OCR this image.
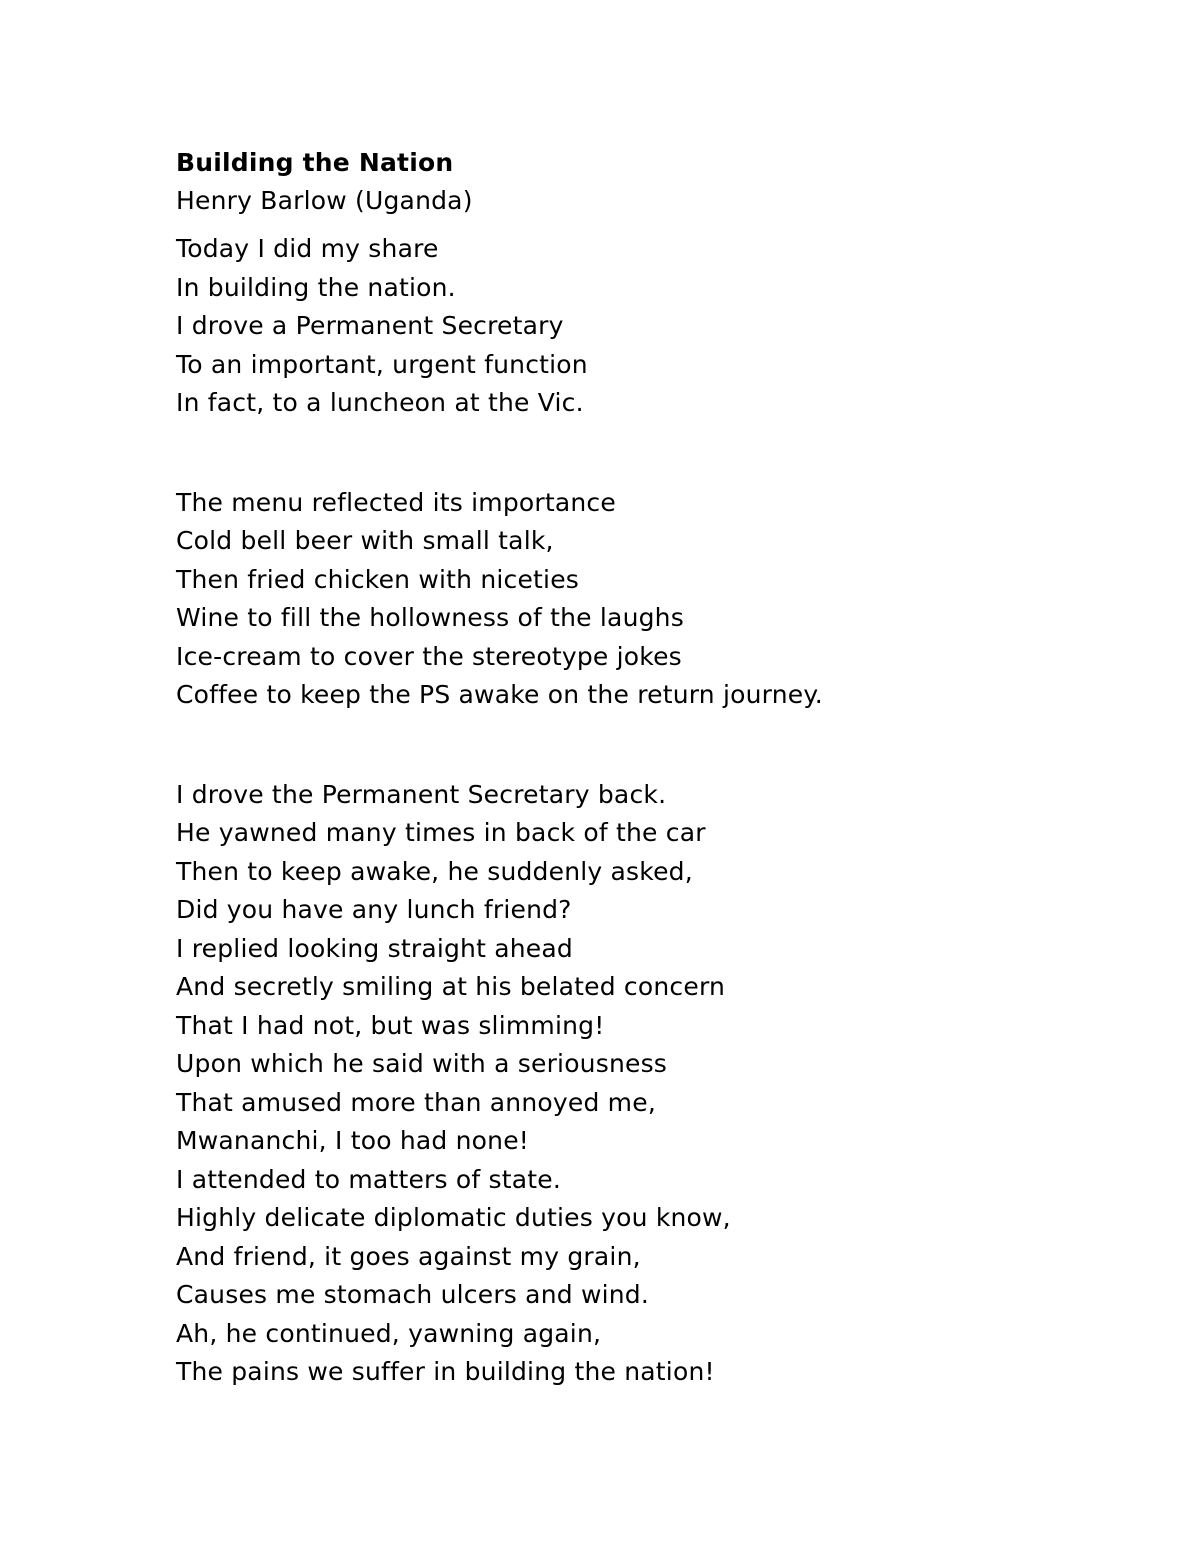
Building the Nation
Henry Barlow (Uganda)
Today I did my share
In building the nation.
I drove a Permanent Secretary
To an important, urgent function
In fact, to a luncheon at the Vic.
The menu reflected its importance
Cold bell beer with small talk,
Then fried chicken with niceties
Wine to fill the hollowness of the laughs
Ice-cream to cover the stereotype jokes
Coffee to keep the PS awake on the return journey.
I drove the Permanent Secretary back.
He yawned many times in back of the car
Then to keep awake, he suddenly asked,
Did you have any lunch friend?
I replied looking straight ahead
And secretly smiling at his belated concern
That I had not, but was slimming!
Upon which he said with a seriousness
That amused more than annoyed me,
Mwananchi, I too had none!
I attended to matters of state.
Highly delicate diplomatic duties you know,
And friend, it goes against my grain,
Causes me stomach ulcers and wind.
Ah, he continued, yawning again,
The pains we suffer in building the nation!
